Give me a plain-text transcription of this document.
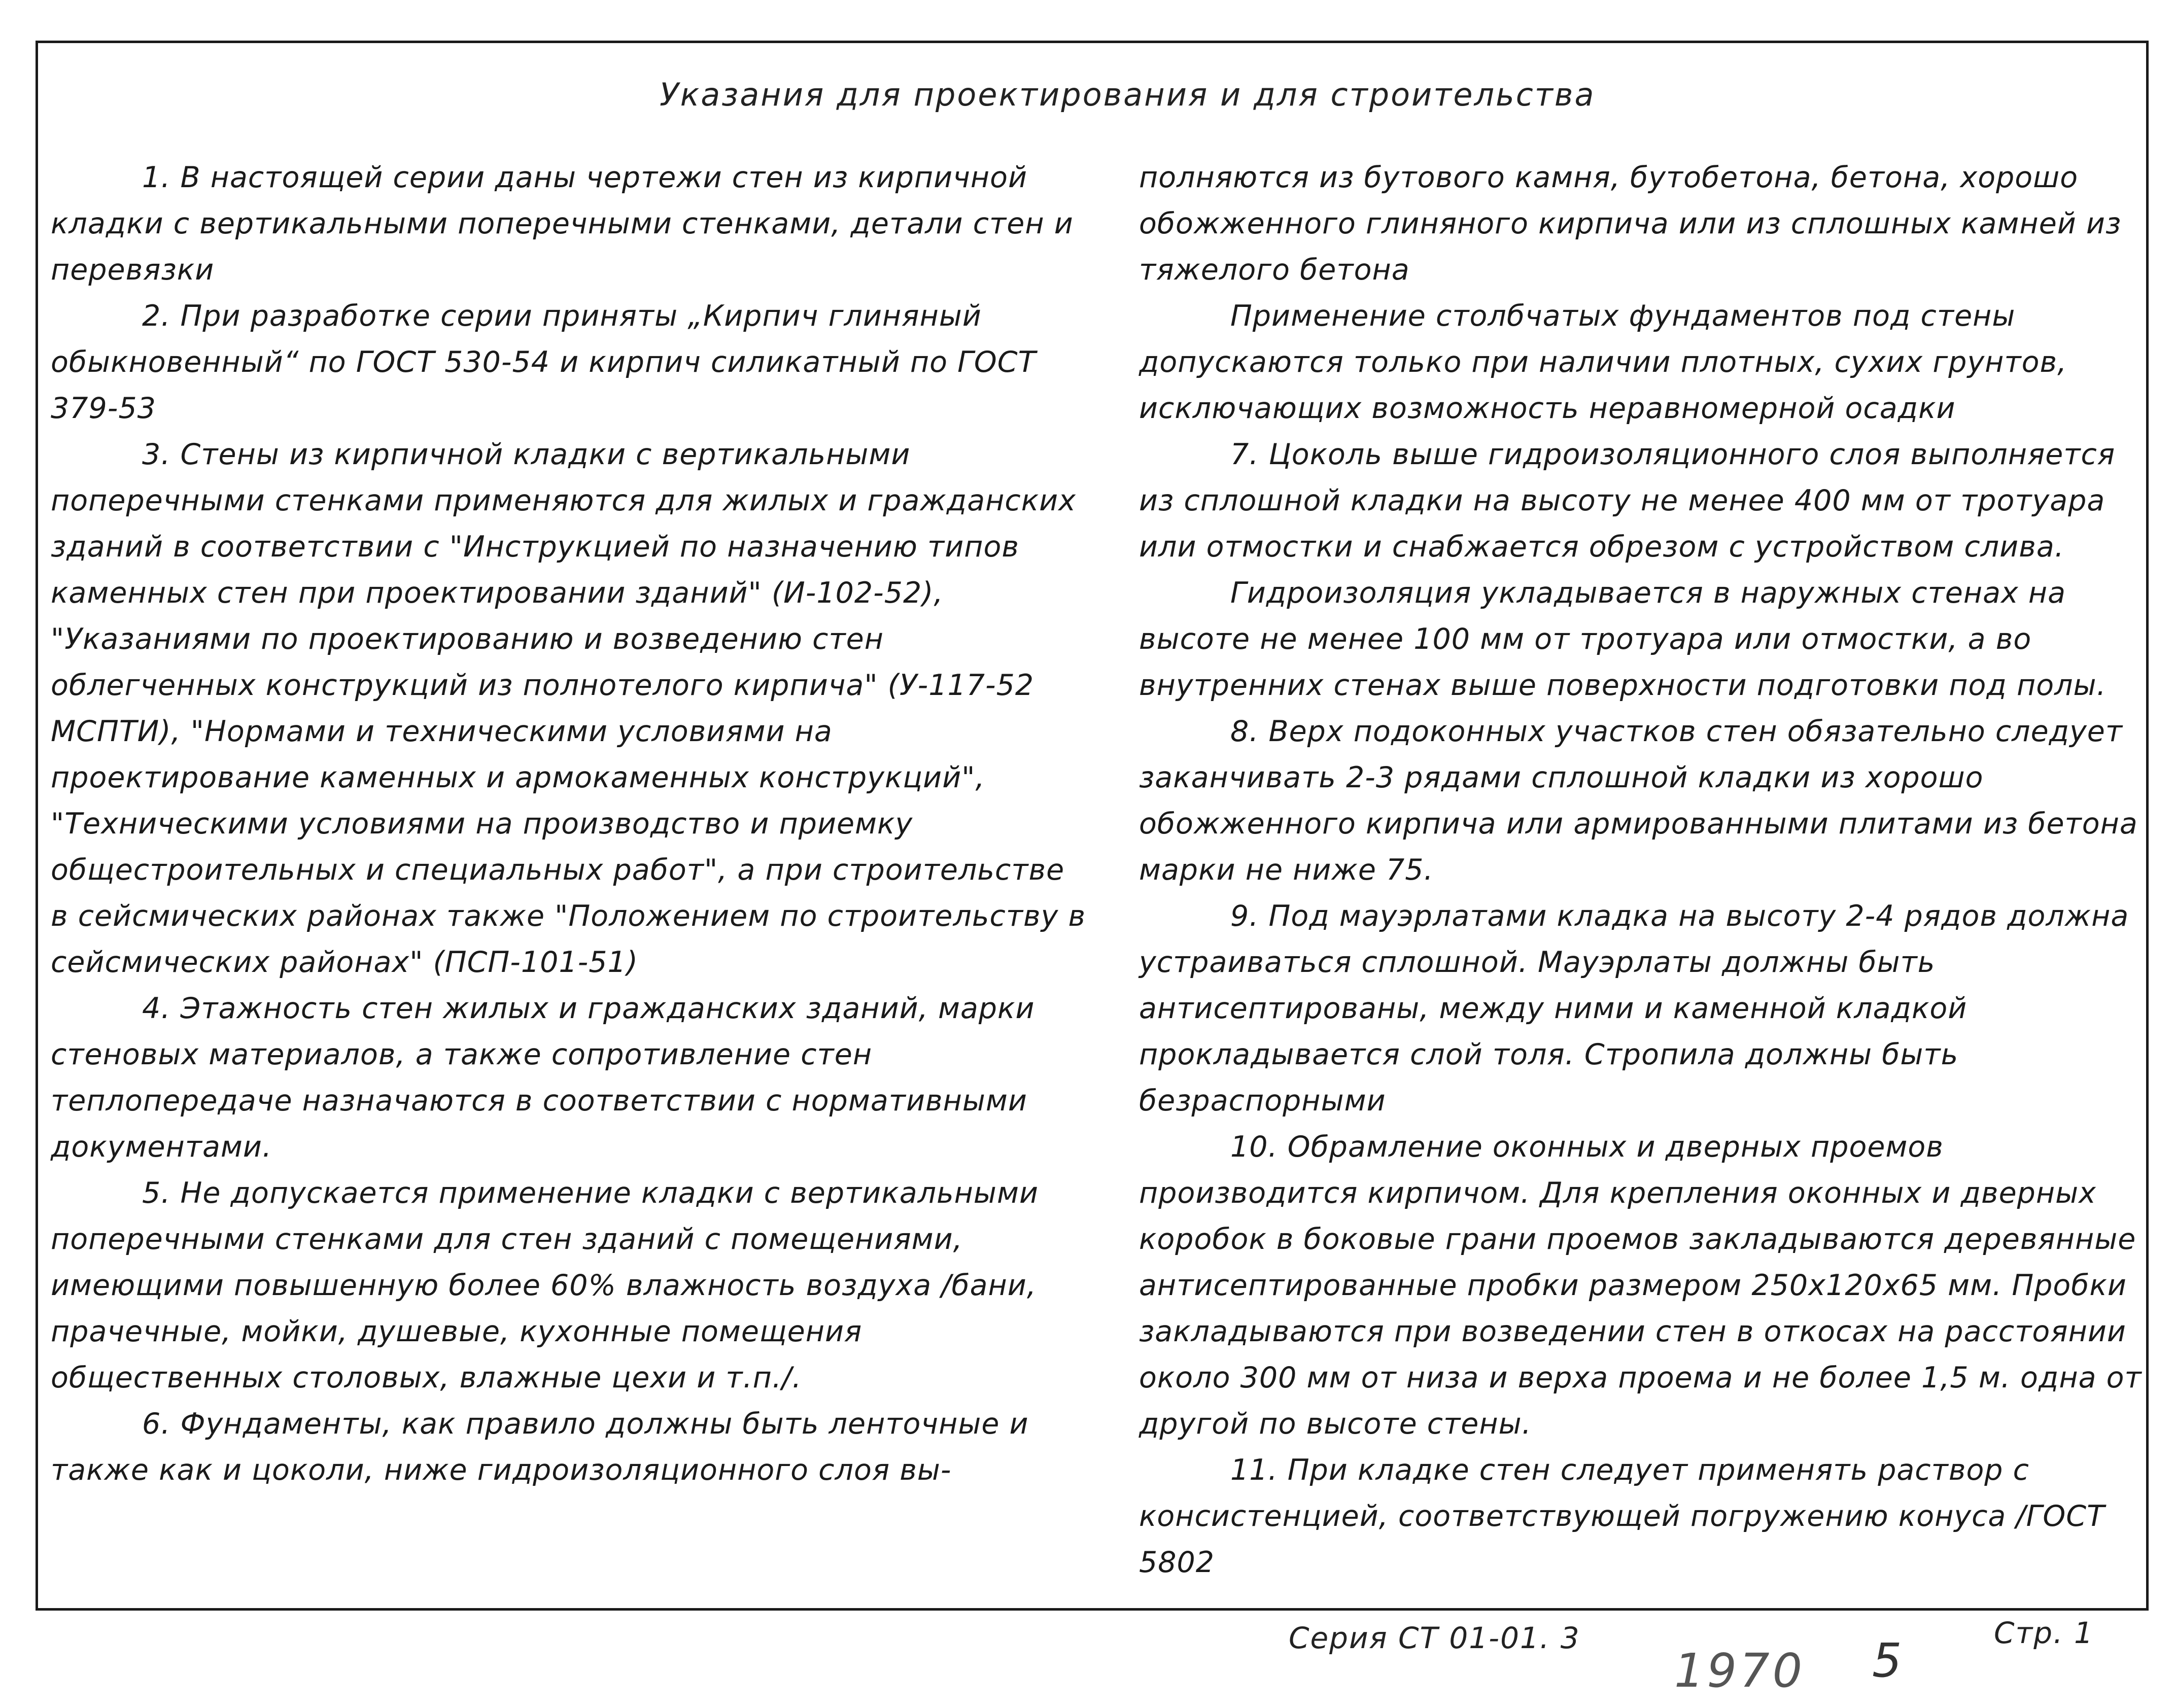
Указания для проектирования и для строительства

1. В настоящей серии даны чертежи стен из кирпичной кладки с вертикальными поперечными стенками, детали стен и перевязки

2. При разработке серии приняты „Кирпич глиняный обыкновенный“ по ГОСТ 530-54 и кирпич силикатный по ГОСТ 379-53

3. Стены из кирпичной кладки с вертикальными поперечными стенками применяются для жилых и гражданских зданий в соответствии с "Инструкцией по назначению типов каменных стен при проектировании зданий" (И-102-52), "Указаниями по проектированию и возведению стен облегченных конструкций из полнотелого кирпича" (У-117-52 МСПТИ), "Нормами и техническими условиями на проектирование каменных и армокаменных конструкций", "Техническими условиями на производство и приемку общестроительных и специальных работ", а при строительстве в сейсмических районах также "Положением по строительству в сейсмических районах" (ПСП-101-51)

4. Этажность стен жилых и гражданских зданий, марки стеновых материалов, а также сопротивление стен теплопередаче назначаются в соответствии с нормативными документами.

5. Не допускается применение кладки с вертикальными поперечными стенками для стен зданий с помещениями, имеющими повышенную более 60% влажность воздуха /бани, прачечные, мойки, душевые, кухонные помещения общественных столовых, влажные цехи и т.п./.

6. Фундаменты, как правило должны быть ленточные и также как и цоколи, ниже гидроизоляционного слоя вы-

полняются из бутового камня, бутобетона, бетона, хорошо обожженного глиняного кирпича или из сплошных камней из тяжелого бетона

Применение столбчатых фундаментов под стены допускаются только при наличии плотных, сухих грунтов, исключающих возможность неравномерной осадки

7. Цоколь выше гидроизоляционного слоя выполняется из сплошной кладки на высоту не менее 400 мм от тротуара или отмостки и снабжается обрезом с устройством слива.

Гидроизоляция укладывается в наружных стенах на высоте не менее 100 мм от тротуара или отмостки, а во внутренних стенах выше поверхности подготовки под полы.

8. Верх подоконных участков стен обязательно следует заканчивать 2-3 рядами сплошной кладки из хорошо обожженного кирпича или армированными плитами из бетона марки не ниже 75.

9. Под мауэрлатами кладка на высоту 2-4 рядов должна устраиваться сплошной. Мауэрлаты должны быть антисептированы, между ними и каменной кладкой прокладывается слой толя. Стропила должны быть безраспорными

10. Обрамление оконных и дверных проемов производится кирпичом. Для крепления оконных и дверных коробок в боковые грани проемов закладываются деревянные антисептированные пробки размером 250х120х65 мм. Пробки закладываются при возведении стен в откосах на расстоянии около 300 мм от низа и верха проема и не более 1,5 м. одна от другой по высоте стены.

11. При кладке стен следует применять раствор с консистенцией, соответствующей погружению конуса /ГОСТ 5802

Серия СТ 01-01. 3	Стр. 1
1970 5
